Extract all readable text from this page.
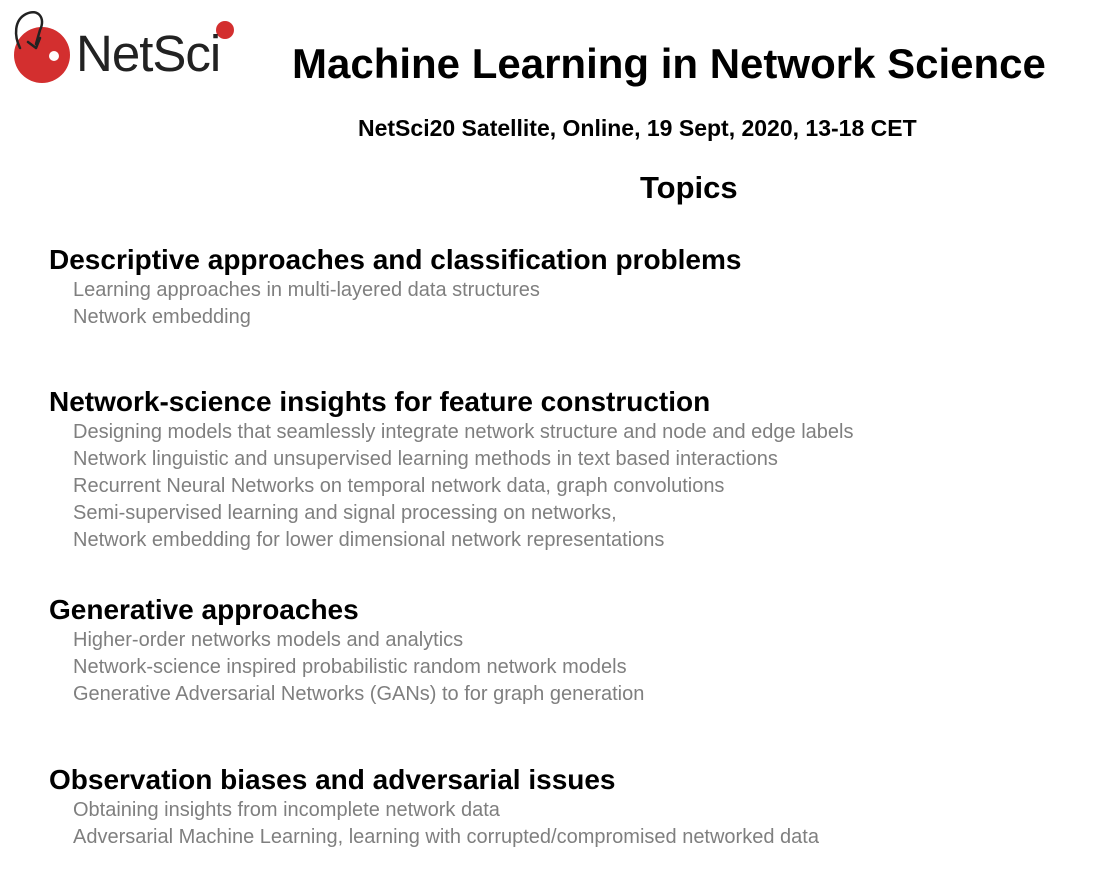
NetSci Machine Learning in Network Science
NetSci20 Satellite, Online, 19 Sept, 2020, 13-18 CET
Topics
Descriptive approaches and classification problems
Learning approaches in multi-layered data structures
Network embedding
Network-science insights for feature construction
Designing models that seamlessly integrate network structure and node and edge labels
Network linguistic and unsupervised learning methods in text based interactions
Recurrent Neural Networks on temporal network data, graph convolutions
Semi-supervised learning and signal processing on networks,
Network embedding for lower dimensional network representations
Generative approaches
Higher-order networks models and analytics
Network-science inspired probabilistic random network models
Generative Adversarial Networks (GANs) to for graph generation
Observation biases and adversarial issues
Obtaining insights from incomplete network data
Adversarial Machine Learning, learning with corrupted/compromised networked data
